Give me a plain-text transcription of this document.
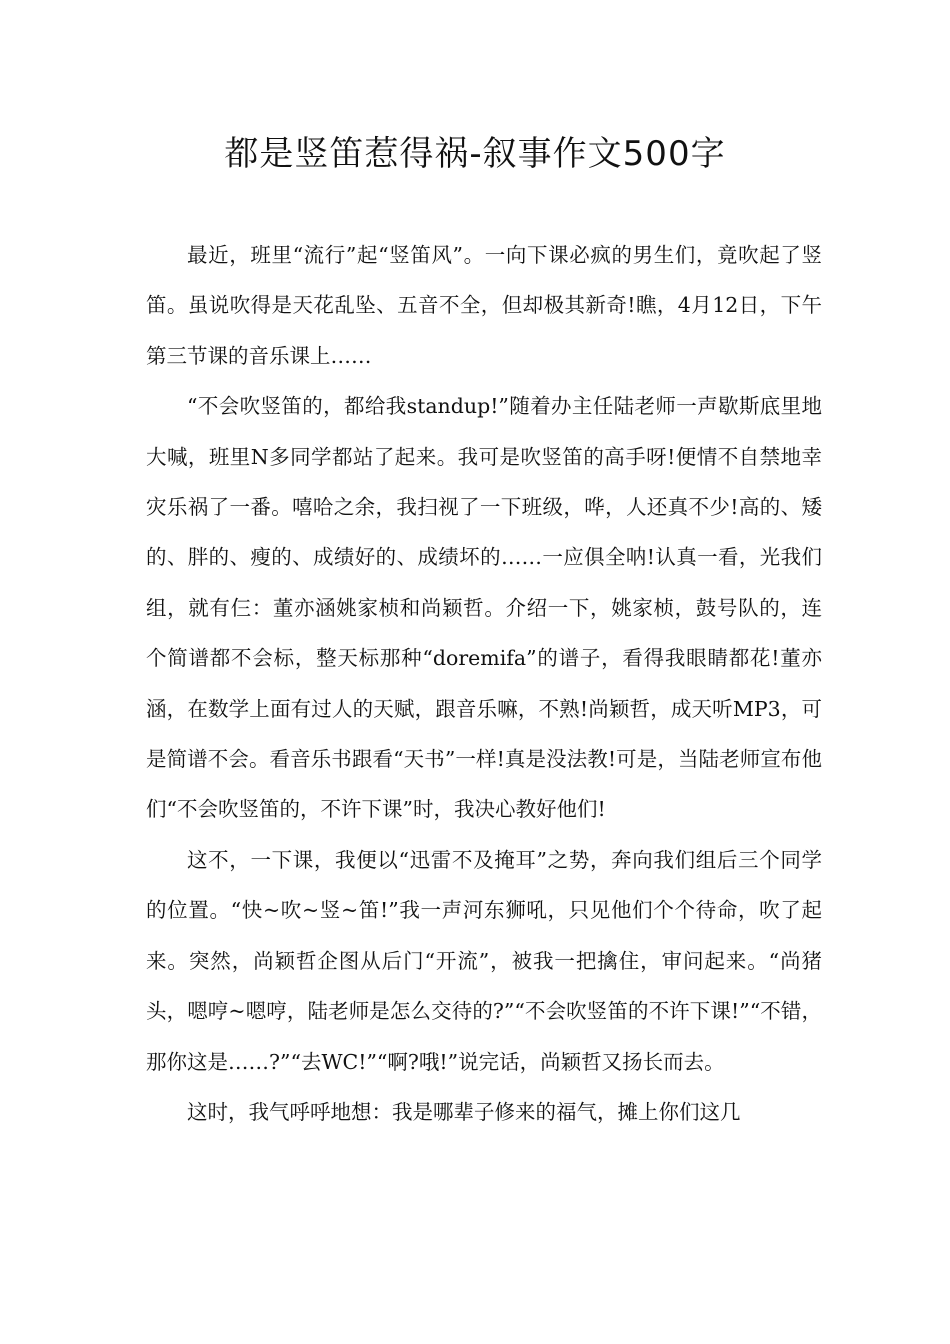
都是竖笛惹得祸-叙事作文500字

最近，班里“流行”起“竖笛风”。一向下课必疯的男生们，竟吹起了竖笛。虽说吹得是天花乱坠、五音不全，但却极其新奇!瞧，4月12日，下午第三节课的音乐课上……

“不会吹竖笛的，都给我standup!”随着办主任陆老师一声歇斯底里地大喊，班里N多同学都站了起来。我可是吹竖笛的高手呀!便情不自禁地幸灾乐祸了一番。嘻哈之余，我扫视了一下班级，哗，人还真不少!高的、矮的、胖的、瘦的、成绩好的、成绩坏的……一应俱全呐!认真一看，光我们组，就有仨：董亦涵姚家桢和尚颖哲。介绍一下，姚家桢，鼓号队的，连个简谱都不会标，整天标那种“doremifa”的谱子，看得我眼睛都花!董亦涵，在数学上面有过人的天赋，跟音乐嘛，不熟!尚颖哲，成天听MP3，可是简谱不会。看音乐书跟看“天书”一样!真是没法教!可是，当陆老师宣布他们“不会吹竖笛的，不许下课”时，我决心教好他们!

这不，一下课，我便以“迅雷不及掩耳”之势，奔向我们组后三个同学的位置。“快~吹~竖~笛!”我一声河东狮吼，只见他们个个待命，吹了起来。突然，尚颖哲企图从后门“开流”，被我一把擒住，审问起来。“尚猪头，嗯哼~嗯哼，陆老师是怎么交待的?”“不会吹竖笛的不许下课!”“不错，那你这是……?”“去WC!”“啊?哦!”说完话，尚颖哲又扬长而去。

这时，我气呼呼地想：我是哪辈子修来的福气，摊上你们这几
